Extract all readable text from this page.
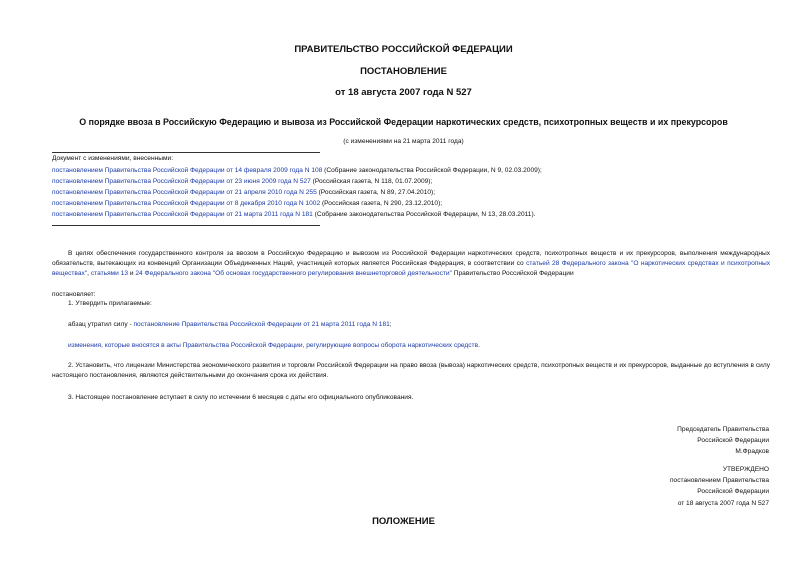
ПРАВИТЕЛЬСТВО РОССИЙСКОЙ ФЕДЕРАЦИИ
ПОСТАНОВЛЕНИЕ
от 18 августа 2007 года N 527
О порядке ввоза в Российскую Федерацию и вывоза из Российской Федерации наркотических средств, психотропных веществ и их прекурсоров
(с изменениями на 21 марта 2011 года)
Документ с изменениями, внесенными:
постановлением Правительства Российской Федерации от 14 февраля 2009 года N 108 (Собрание законодательства Российской Федерации, N 9, 02.03.2009);
постановлением Правительства Российской Федерации от 23 июня 2009 года N 527 (Российская газета, N 118, 01.07.2009);
постановлением Правительства Российской Федерации от 21 апреля 2010 года N 255 (Российская газета, N 89, 27.04.2010);
постановлением Правительства Российской Федерации от 8 декабря 2010 года N 1002 (Российская газета, N 290, 23.12.2010);
постановлением Правительства Российской Федерации от 21 марта 2011 года N 181 (Собрание законодательства Российской Федерации, N 13, 28.03.2011).
В целях обеспечения государственного контроля за ввозом в Российскую Федерацию и вывозом из Российской Федерации наркотических средств, психотропных веществ и их прекурсоров, выполнения международных обязательств, вытекающих из конвенций Организации Объединенных Наций, участницей которых является Российская Федерация, в соответствии со статьей 28 Федерального закона "О наркотических средствах и психотропных веществах", статьями 13 и 24 Федерального закона "Об основах государственного регулирования внешнеторговой деятельности" Правительство Российской Федерации
постановляет:
1. Утвердить прилагаемые:
абзац утратил силу - постановление Правительства Российской Федерации от 21 марта 2011 года N 181;
изменения, которые вносятся в акты Правительства Российской Федерации, регулирующие вопросы оборота наркотических средств.
2. Установить, что лицензии Министерства экономического развития и торговли Российской Федерации на право ввоза (вывоза) наркотических средств, психотропных веществ и их прекурсоров, выданные до вступления в силу настоящего постановления, являются действительными до окончания срока их действия.
3. Настоящее постановление вступает в силу по истечении 6 месяцев с даты его официального опубликования.
Председатель Правительства
Российской Федерации
М.Фрадков
УТВЕРЖДЕНО
постановлением Правительства
Российской Федерации
от 18 августа 2007 года N 527
ПОЛОЖЕНИЕ
